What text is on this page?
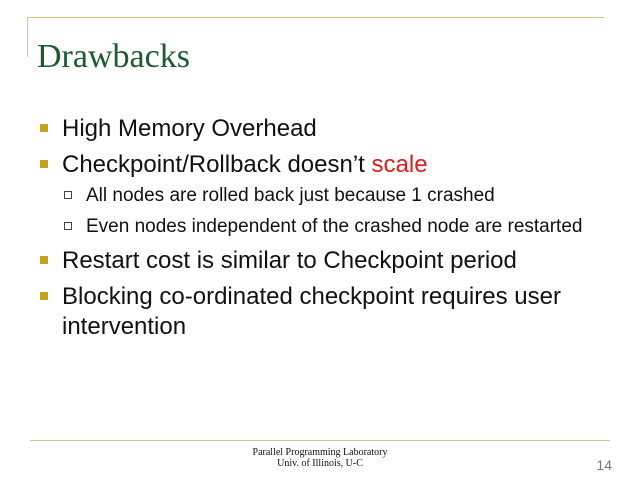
Drawbacks
High Memory Overhead
Checkpoint/Rollback doesn’t scale
All nodes are rolled back just because 1 crashed
Even nodes independent of the crashed node are restarted
Restart cost is similar to Checkpoint period
Blocking co-ordinated checkpoint requires user intervention
Parallel Programming Laboratory
Univ. of Illinois, U-C	14
